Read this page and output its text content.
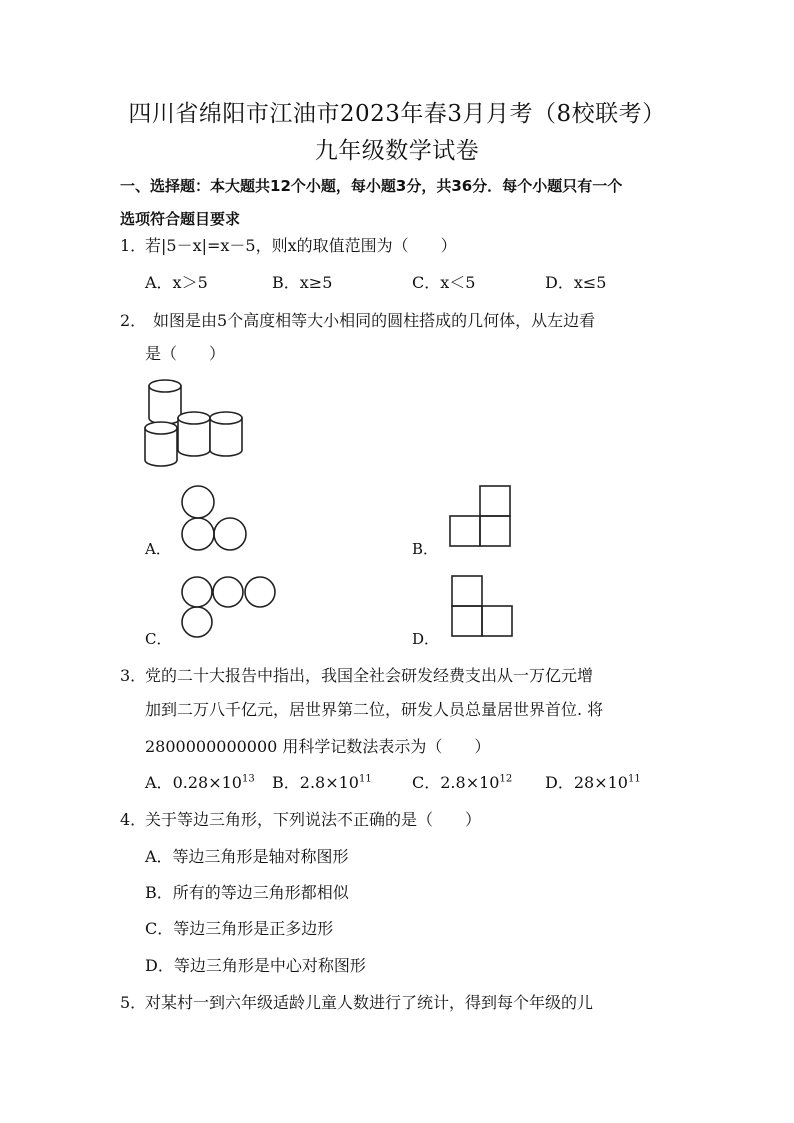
四川省绵阳市江油市2023年春3月月考（8校联考）
九年级数学试卷
一、选择题：本大题共12个小题，每小题3分，共36分．每个小题只有一个
选项符合题目要求
1．
若|5－x|=x－5，则x的取值范围为（　　）
A．x＞5	B．x≥5	C．x＜5	D．x≤5
2． 如图是由5个高度相等大小相同的圆柱搭成的几何体，从左边看
是（　　）
A．	B．
C．	D．
3．
党的二十大报告中指出，我国全社会研发经费支出从一万亿元增
加到二万八千亿元，居世界第二位，研发人员总量居世界首位. 将
2800000000000 用科学记数法表示为（　　）
A．$0.28\times 10^{13}$ B．$2.8\times 10^{11}$	C．$2.8\times 10^{12}$ D．$28\times 10^{11}$
4．
关于等边三角形，下列说法不正确的是（　　）
A．等边三角形是轴对称图形
B．所有的等边三角形都相似
C．等边三角形是正多边形
D．等边三角形是中心对称图形
5．
对某村一到六年级适龄儿童人数进行了统计，得到每个年级的儿
